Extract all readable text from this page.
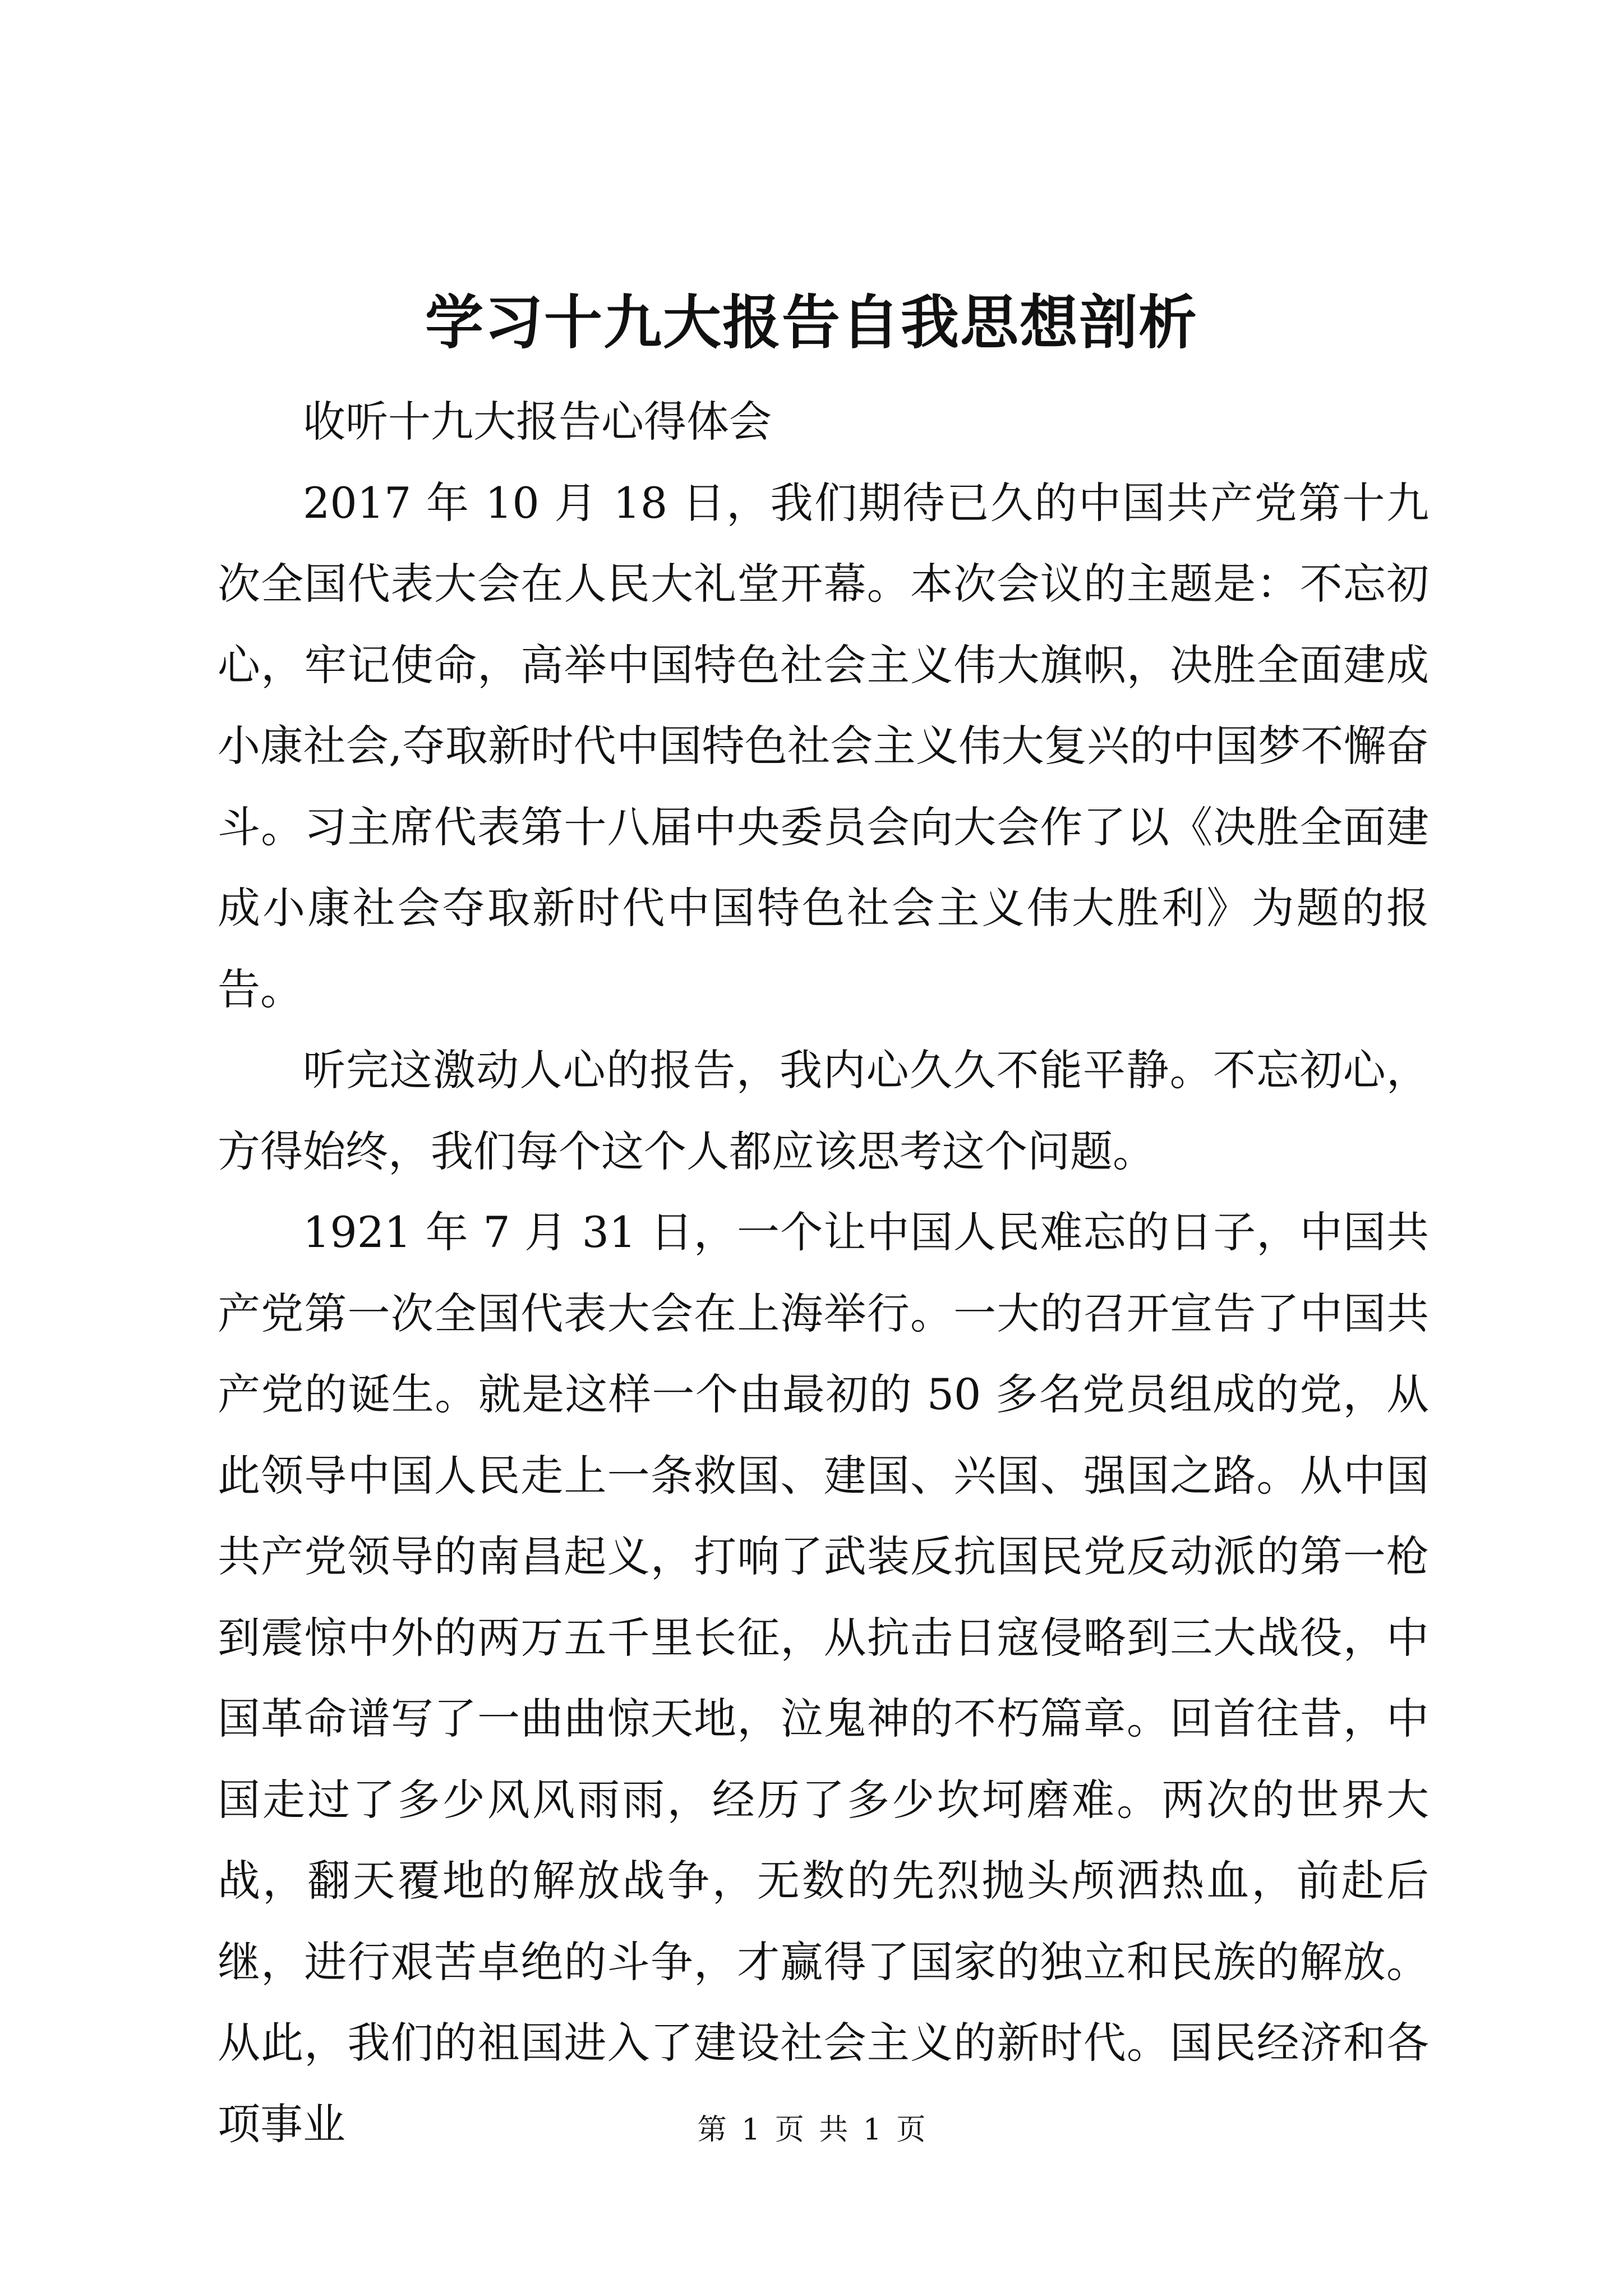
学习十九大报告自我思想剖析

收听十九大报告心得体会

2017 年 10 月 18 日，我们期待已久的中国共产党第十九次全国代表大会在人民大礼堂开幕。本次会议的主题是：不忘初心，牢记使命，高举中国特色社会主义伟大旗帜，决胜全面建成小康社会,夺取新时代中国特色社会主义伟大复兴的中国梦不懈奋斗。习主席代表第十八届中央委员会向大会作了以《决胜全面建成小康社会夺取新时代中国特色社会主义伟大胜利》为题的报告。

听完这激动人心的报告，我内心久久不能平静。不忘初心，方得始终，我们每个这个人都应该思考这个问题。

1921 年 7 月 31 日，一个让中国人民难忘的日子，中国共产党第一次全国代表大会在上海举行。一大的召开宣告了中国共产党的诞生。就是这样一个由最初的 50 多名党员组成的党，从此领导中国人民走上一条救国、建国、兴国、强国之路。从中国共产党领导的南昌起义，打响了武装反抗国民党反动派的第一枪到震惊中外的两万五千里长征，从抗击日寇侵略到三大战役，中国革命谱写了一曲曲惊天地，泣鬼神的不朽篇章。回首往昔，中国走过了多少风风雨雨，经历了多少坎坷磨难。两次的世界大战，翻天覆地的解放战争，无数的先烈抛头颅洒热血，前赴后继，进行艰苦卓绝的斗争，才赢得了国家的独立和民族的解放。从此，我们的祖国进入了建设社会主义的新时代。国民经济和各项事业	第 1 页 共 1 页
